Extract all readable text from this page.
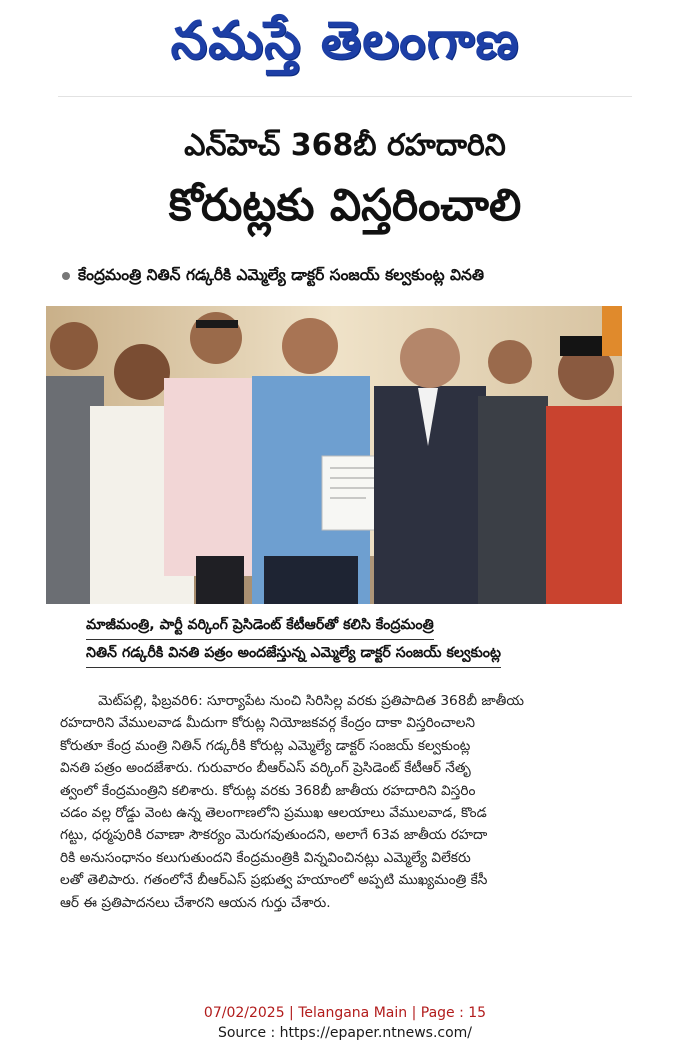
నమస్తే తెలంగాణ
ఎన్‌హెచ్ 368బీ రహదారిని
కోరుట్లకు విస్తరించాలి
కేంద్రమంత్రి నితిన్ గడ్కరీకి ఎమ్మెల్యే డాక్టర్ సంజయ్ కల్వకుంట్ల వినతి
మాజీమంత్రి, పార్టీ వర్కింగ్ ప్రెసిడెంట్ కేటీఆర్‌తో కలిసి కేంద్రమంత్రి
నితిన్ గడ్కరీకి వినతి పత్రం అందజేస్తున్న ఎమ్మెల్యే డాక్టర్ సంజయ్ కల్వకుంట్ల
మెట్‌పల్లి, ఫిబ్రవరి6: సూర్యాపేట నుంచి సిరిసిల్ల వరకు ప్రతిపాదిత 368బీ జాతీయ
రహదారిని వేములవాడ మీదుగా కోరుట్ల నియోజకవర్గ కేంద్రం దాకా విస్తరించాలని
కోరుతూ కేంద్ర మంత్రి నితిన్ గడ్కరీకి కోరుట్ల ఎమ్మెల్యే డాక్టర్ సంజయ్ కల్వకుంట్ల
వినతి పత్రం అందజేశారు. గురువారం బీఆర్‌ఎస్ వర్కింగ్ ప్రెసిడెంట్ కేటీఆర్ నేతృ
త్వంలో కేంద్రమంత్రిని కలిశారు. కోరుట్ల వరకు 368బీ జాతీయ రహదారిని విస్తరిం
చడం వల్ల రోడ్డు వెంట ఉన్న తెలంగాణలోని ప్రముఖ ఆలయాలు వేములవాడ, కొండ
గట్టు, ధర్మపురికి రవాణా సౌకర్యం మెరుగవుతుందని, అలాగే 63వ జాతీయ రహదా
రికి అనుసంధానం కలుగుతుందని కేంద్రమంత్రికి విన్నవించినట్లు ఎమ్మెల్యే విలేకరు
లతో తెలిపారు. గతంలోనే బీఆర్‌ఎస్ ప్రభుత్వ హయాంలో అప్పటి ముఖ్యమంత్రి కేసీ
ఆర్ ఈ ప్రతిపాదనలు చేశారని ఆయన గుర్తు చేశారు.
07/02/2025 | Telangana Main | Page : 15
Source : https://epaper.ntnews.com/
